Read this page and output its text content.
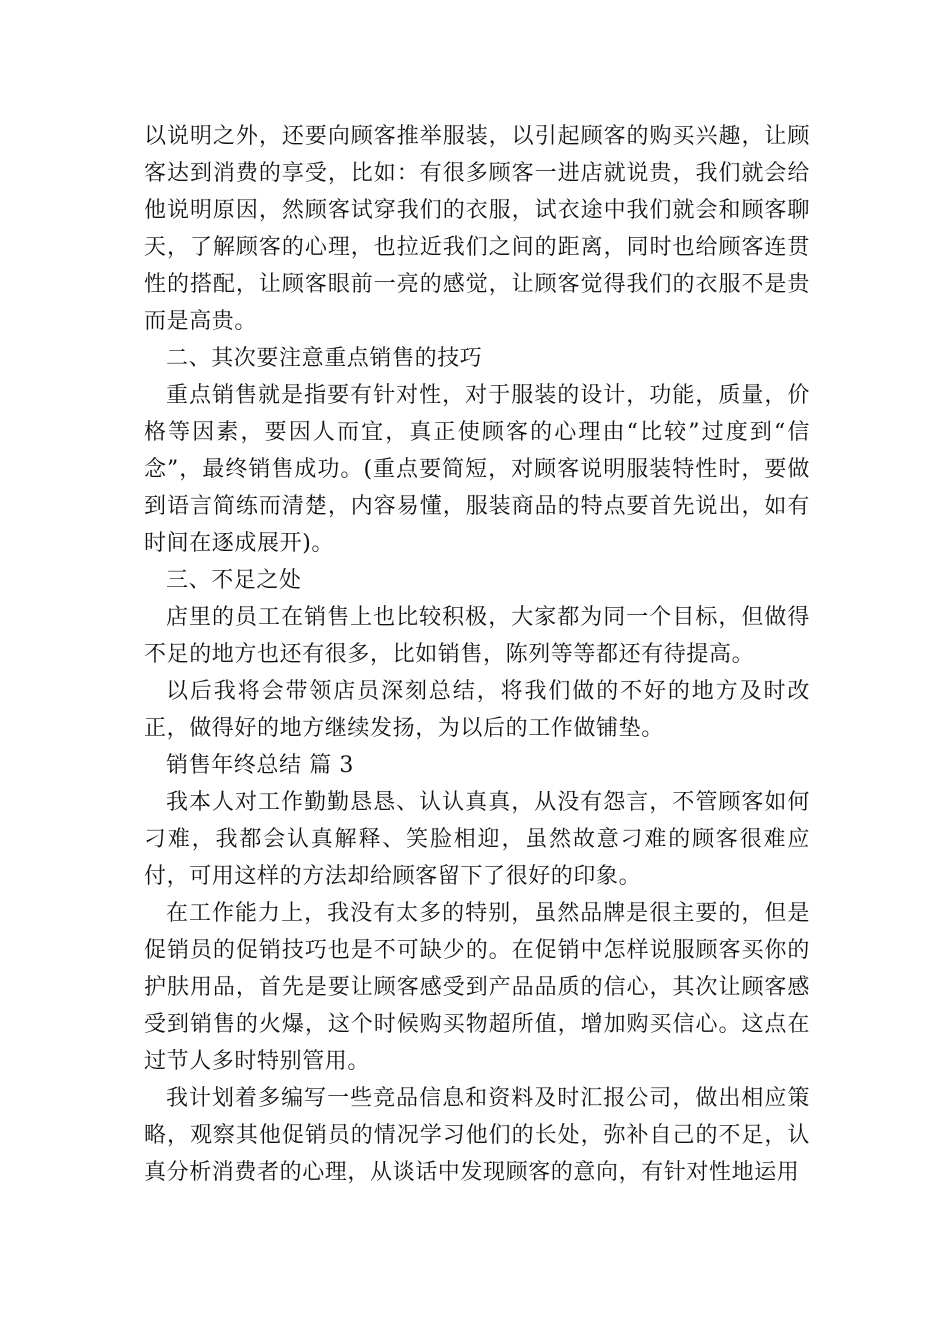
以说明之外，还要向顾客推举服装，以引起顾客的购买兴趣，让顾客达到消费的享受，比如：有很多顾客一进店就说贵，我们就会给他说明原因，然顾客试穿我们的衣服，试衣途中我们就会和顾客聊天，了解顾客的心理，也拉近我们之间的距离，同时也给顾客连贯性的搭配，让顾客眼前一亮的感觉，让顾客觉得我们的衣服不是贵而是高贵。

二、其次要注意重点销售的技巧

重点销售就是指要有针对性，对于服装的设计，功能，质量，价格等因素，要因人而宜，真正使顾客的心理由“比较”过度到“信念”，最终销售成功。(重点要简短，对顾客说明服装特性时，要做到语言简练而清楚，内容易懂，服装商品的特点要首先说出，如有时间在逐成展开)。

三、不足之处

店里的员工在销售上也比较积极，大家都为同一个目标，但做得不足的地方也还有很多，比如销售，陈列等等都还有待提高。

以后我将会带领店员深刻总结，将我们做的不好的地方及时改正，做得好的地方继续发扬，为以后的工作做铺垫。

销售年终总结 篇 3

我本人对工作勤勤恳恳、认认真真，从没有怨言，不管顾客如何刁难，我都会认真解释、笑脸相迎，虽然故意刁难的顾客很难应付，可用这样的方法却给顾客留下了很好的印象。

在工作能力上，我没有太多的特别，虽然品牌是很主要的，但是促销员的促销技巧也是不可缺少的。在促销中怎样说服顾客买你的护肤用品，首先是要让顾客感受到产品品质的信心，其次让顾客感受到销售的火爆，这个时候购买物超所值，增加购买信心。这点在过节人多时特别管用。

我计划着多编写一些竞品信息和资料及时汇报公司，做出相应策略，观察其他促销员的情况学习他们的长处，弥补自己的不足，认真分析消费者的心理，从谈话中发现顾客的意向，有针对性地运用
